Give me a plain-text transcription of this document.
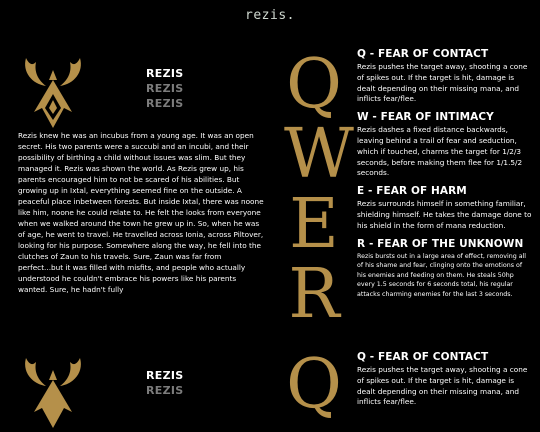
rezis.
REZIS
REZIS
REZIS
Rezis knew he was an incubus from a young age. It was an open secret. His two parents were a succubi and an incubi, and their possibility of birthing a child without issues was slim. But they managed it. Rezis was shown the world. As Rezis grew up, his parents encouraged him to not be scared of his abilities. But growing up in Ixtal, everything seemed fine on the outside. A peaceful place inbetween forests. But inside Ixtal, there was noone like him, noone he could relate to. He felt the looks from everyone when we walked around the town he grew up in. So, when he was of age, he went to travel. He travelled across Ionia, across Piltover, looking for his purpose. Somewhere along the way, he fell into the clutches of Zaun to his travels. Sure, Zaun was far from perfect...but it was filled with misfits, and people who actually understood he couldn't embrace his powers like his parents wanted. Sure, he hadn't fully
Q
W
E
R
Q - FEAR OF CONTACT
Rezis pushes the target away, shooting a cone of spikes out. If the target is hit, damage is dealt depending on their missing mana, and inflicts fear/flee.
W - FEAR OF INTIMACY
Rezis dashes a fixed distance backwards, leaving behind a trail of fear and seduction, which if touched, charms the target for 1/2/3 seconds, before making them flee for 1/1.5/2 seconds.
E - FEAR OF HARM
Rezis surrounds himself in something familiar, shielding himself. He takes the damage done to his shield in the form of mana reduction.
R - FEAR OF THE UNKNOWN
Rezis bursts out in a large area of effect, removing all of his shame and fear, clinging onto the emotions of his enemies and feeding on them. He steals 50hp every 1.5 seconds for 6 seconds total, his regular attacks charming enemies for the last 3 seconds.
REZIS
REZIS	Q Q - FEAR OF CONTACT
Rezis pushes the target away, shooting a cone of spikes out. If the target is hit, damage is dealt depending on their missing mana, and inflicts fear/flee.
